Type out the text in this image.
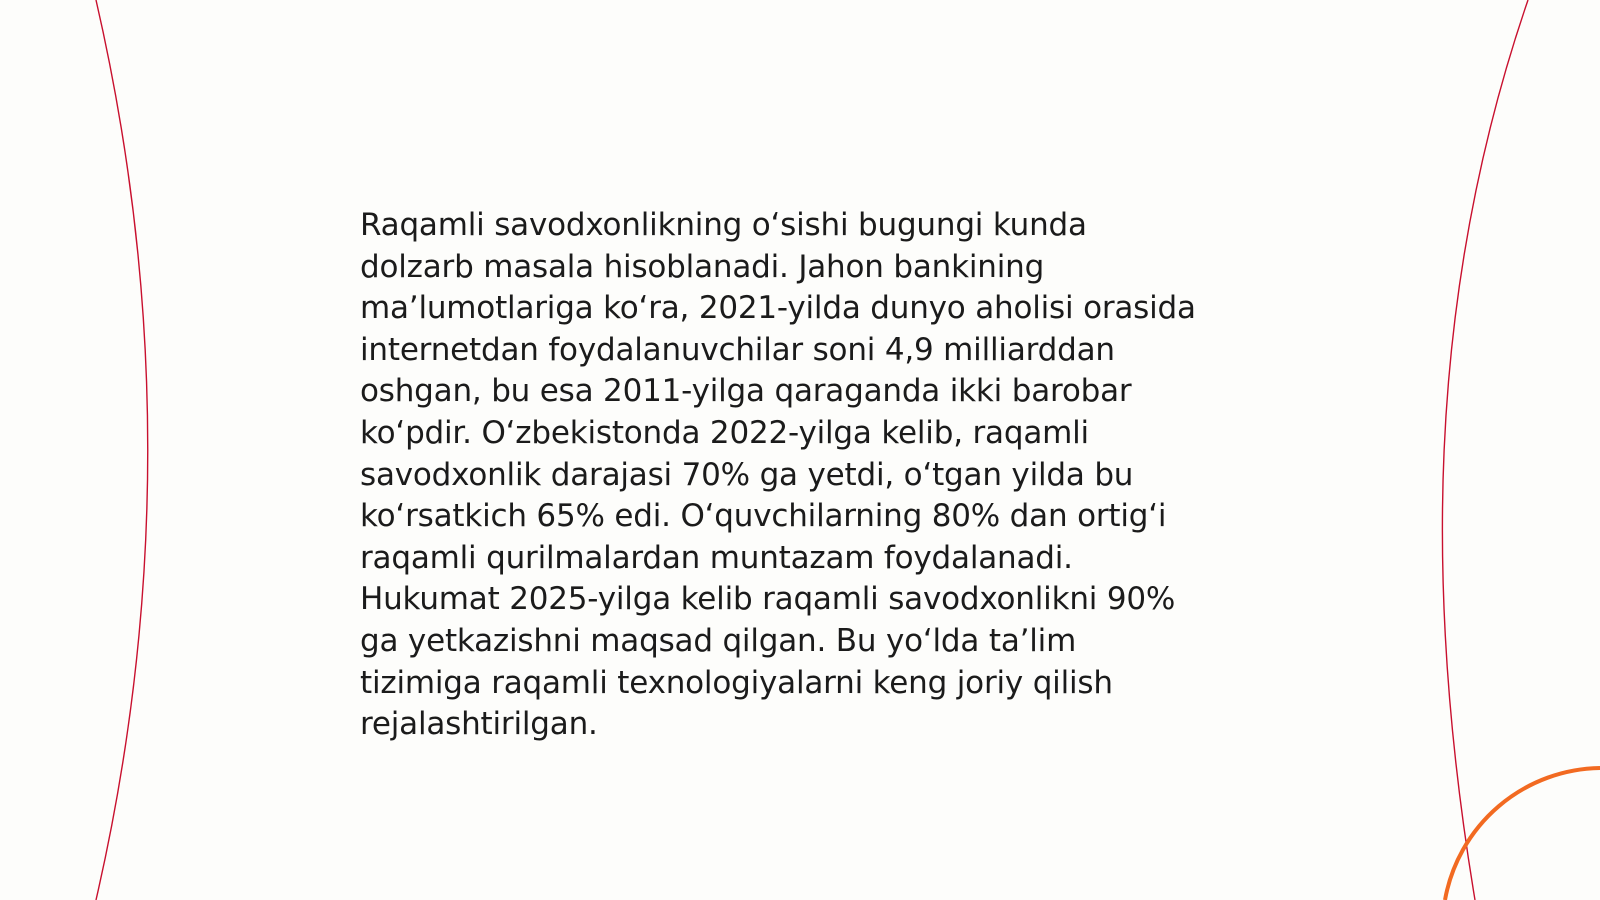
Raqamli savodxonlikning o‘sishi bugungi kunda
dolzarb masala hisoblanadi. Jahon bankining
ma’lumotlariga ko‘ra, 2021-yilda dunyo aholisi orasida
internetdan foydalanuvchilar soni 4,9 milliarddan
oshgan, bu esa 2011-yilga qaraganda ikki barobar
ko‘pdir. O‘zbekistonda 2022-yilga kelib, raqamli
savodxonlik darajasi 70% ga yetdi, o‘tgan yilda bu
ko‘rsatkich 65% edi. O‘quvchilarning 80% dan ortig‘i
raqamli qurilmalardan muntazam foydalanadi.
Hukumat 2025-yilga kelib raqamli savodxonlikni 90%
ga yetkazishni maqsad qilgan. Bu yo‘lda ta’lim
tizimiga raqamli texnologiyalarni keng joriy qilish
rejalashtirilgan.
